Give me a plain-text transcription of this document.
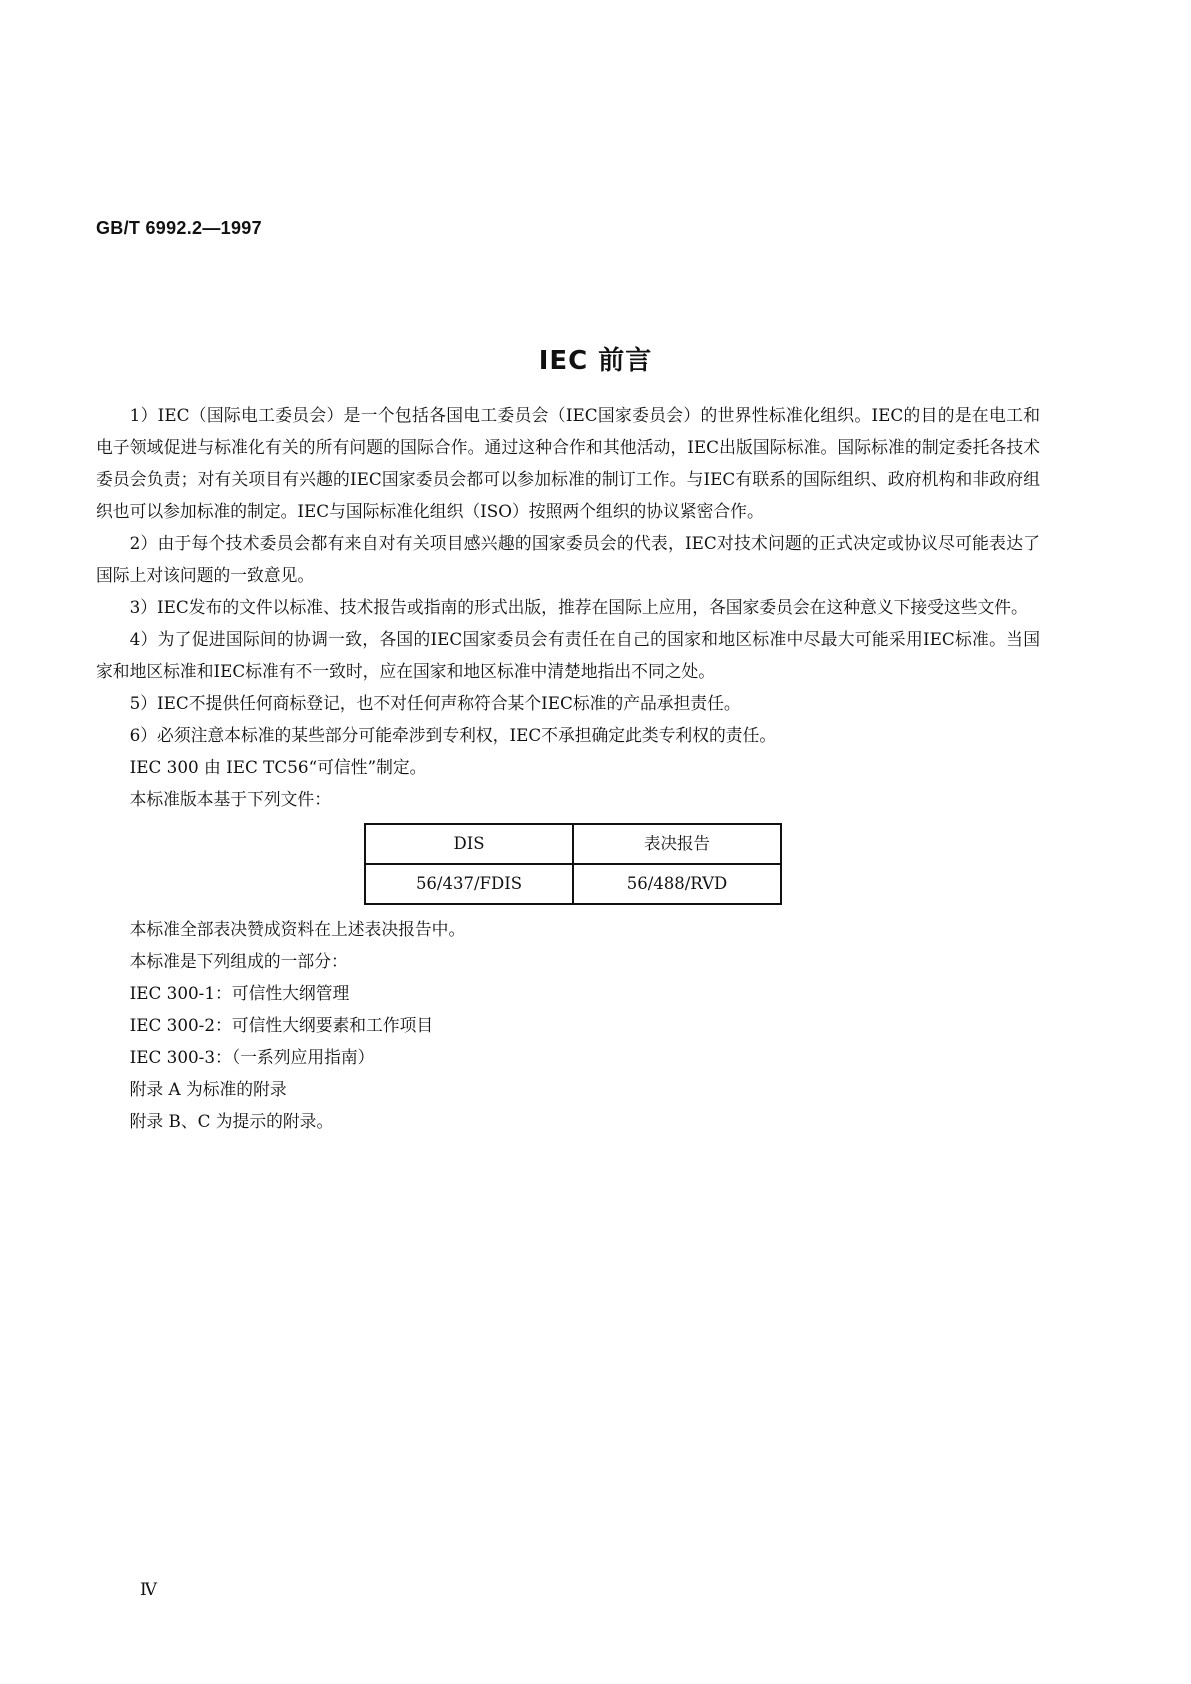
GB/T 6992.2—1997
IEC 前言

1）IEC（国际电工委员会）是一个包括各国电工委员会（IEC国家委员会）的世界性标准化组织。IEC的目的是在电工和电子领域促进与标准化有关的所有问题的国际合作。通过这种合作和其他活动，IEC出版国际标准。国际标准的制定委托各技术委员会负责；对有关项目有兴趣的IEC国家委员会都可以参加标准的制订工作。与IEC有联系的国际组织、政府机构和非政府组织也可以参加标准的制定。IEC与国际标准化组织（ISO）按照两个组织的协议紧密合作。

2）由于每个技术委员会都有来自对有关项目感兴趣的国家委员会的代表，IEC对技术问题的正式决定或协议尽可能表达了国际上对该问题的一致意见。

3）IEC发布的文件以标准、技术报告或指南的形式出版，推荐在国际上应用，各国家委员会在这种意义下接受这些文件。

4）为了促进国际间的协调一致，各国的IEC国家委员会有责任在自己的国家和地区标准中尽最大可能采用IEC标准。当国家和地区标准和IEC标准有不一致时，应在国家和地区标准中清楚地指出不同之处。

5）IEC不提供任何商标登记，也不对任何声称符合某个IEC标准的产品承担责任。

6）必须注意本标准的某些部分可能牵涉到专利权，IEC不承担确定此类专利权的责任。

IEC 300 由 IEC TC56“可信性”制定。

本标准版本基于下列文件：

DIS	表决报告
56/437/FDIS	56/488/RVD

本标准全部表决赞成资料在上述表决报告中。

本标准是下列组成的一部分：

IEC 300-1：可信性大纲管理

IEC 300-2：可信性大纲要素和工作项目

IEC 300-3：（一系列应用指南）

附录 A 为标准的附录

附录 B、C 为提示的附录。

Ⅳ
